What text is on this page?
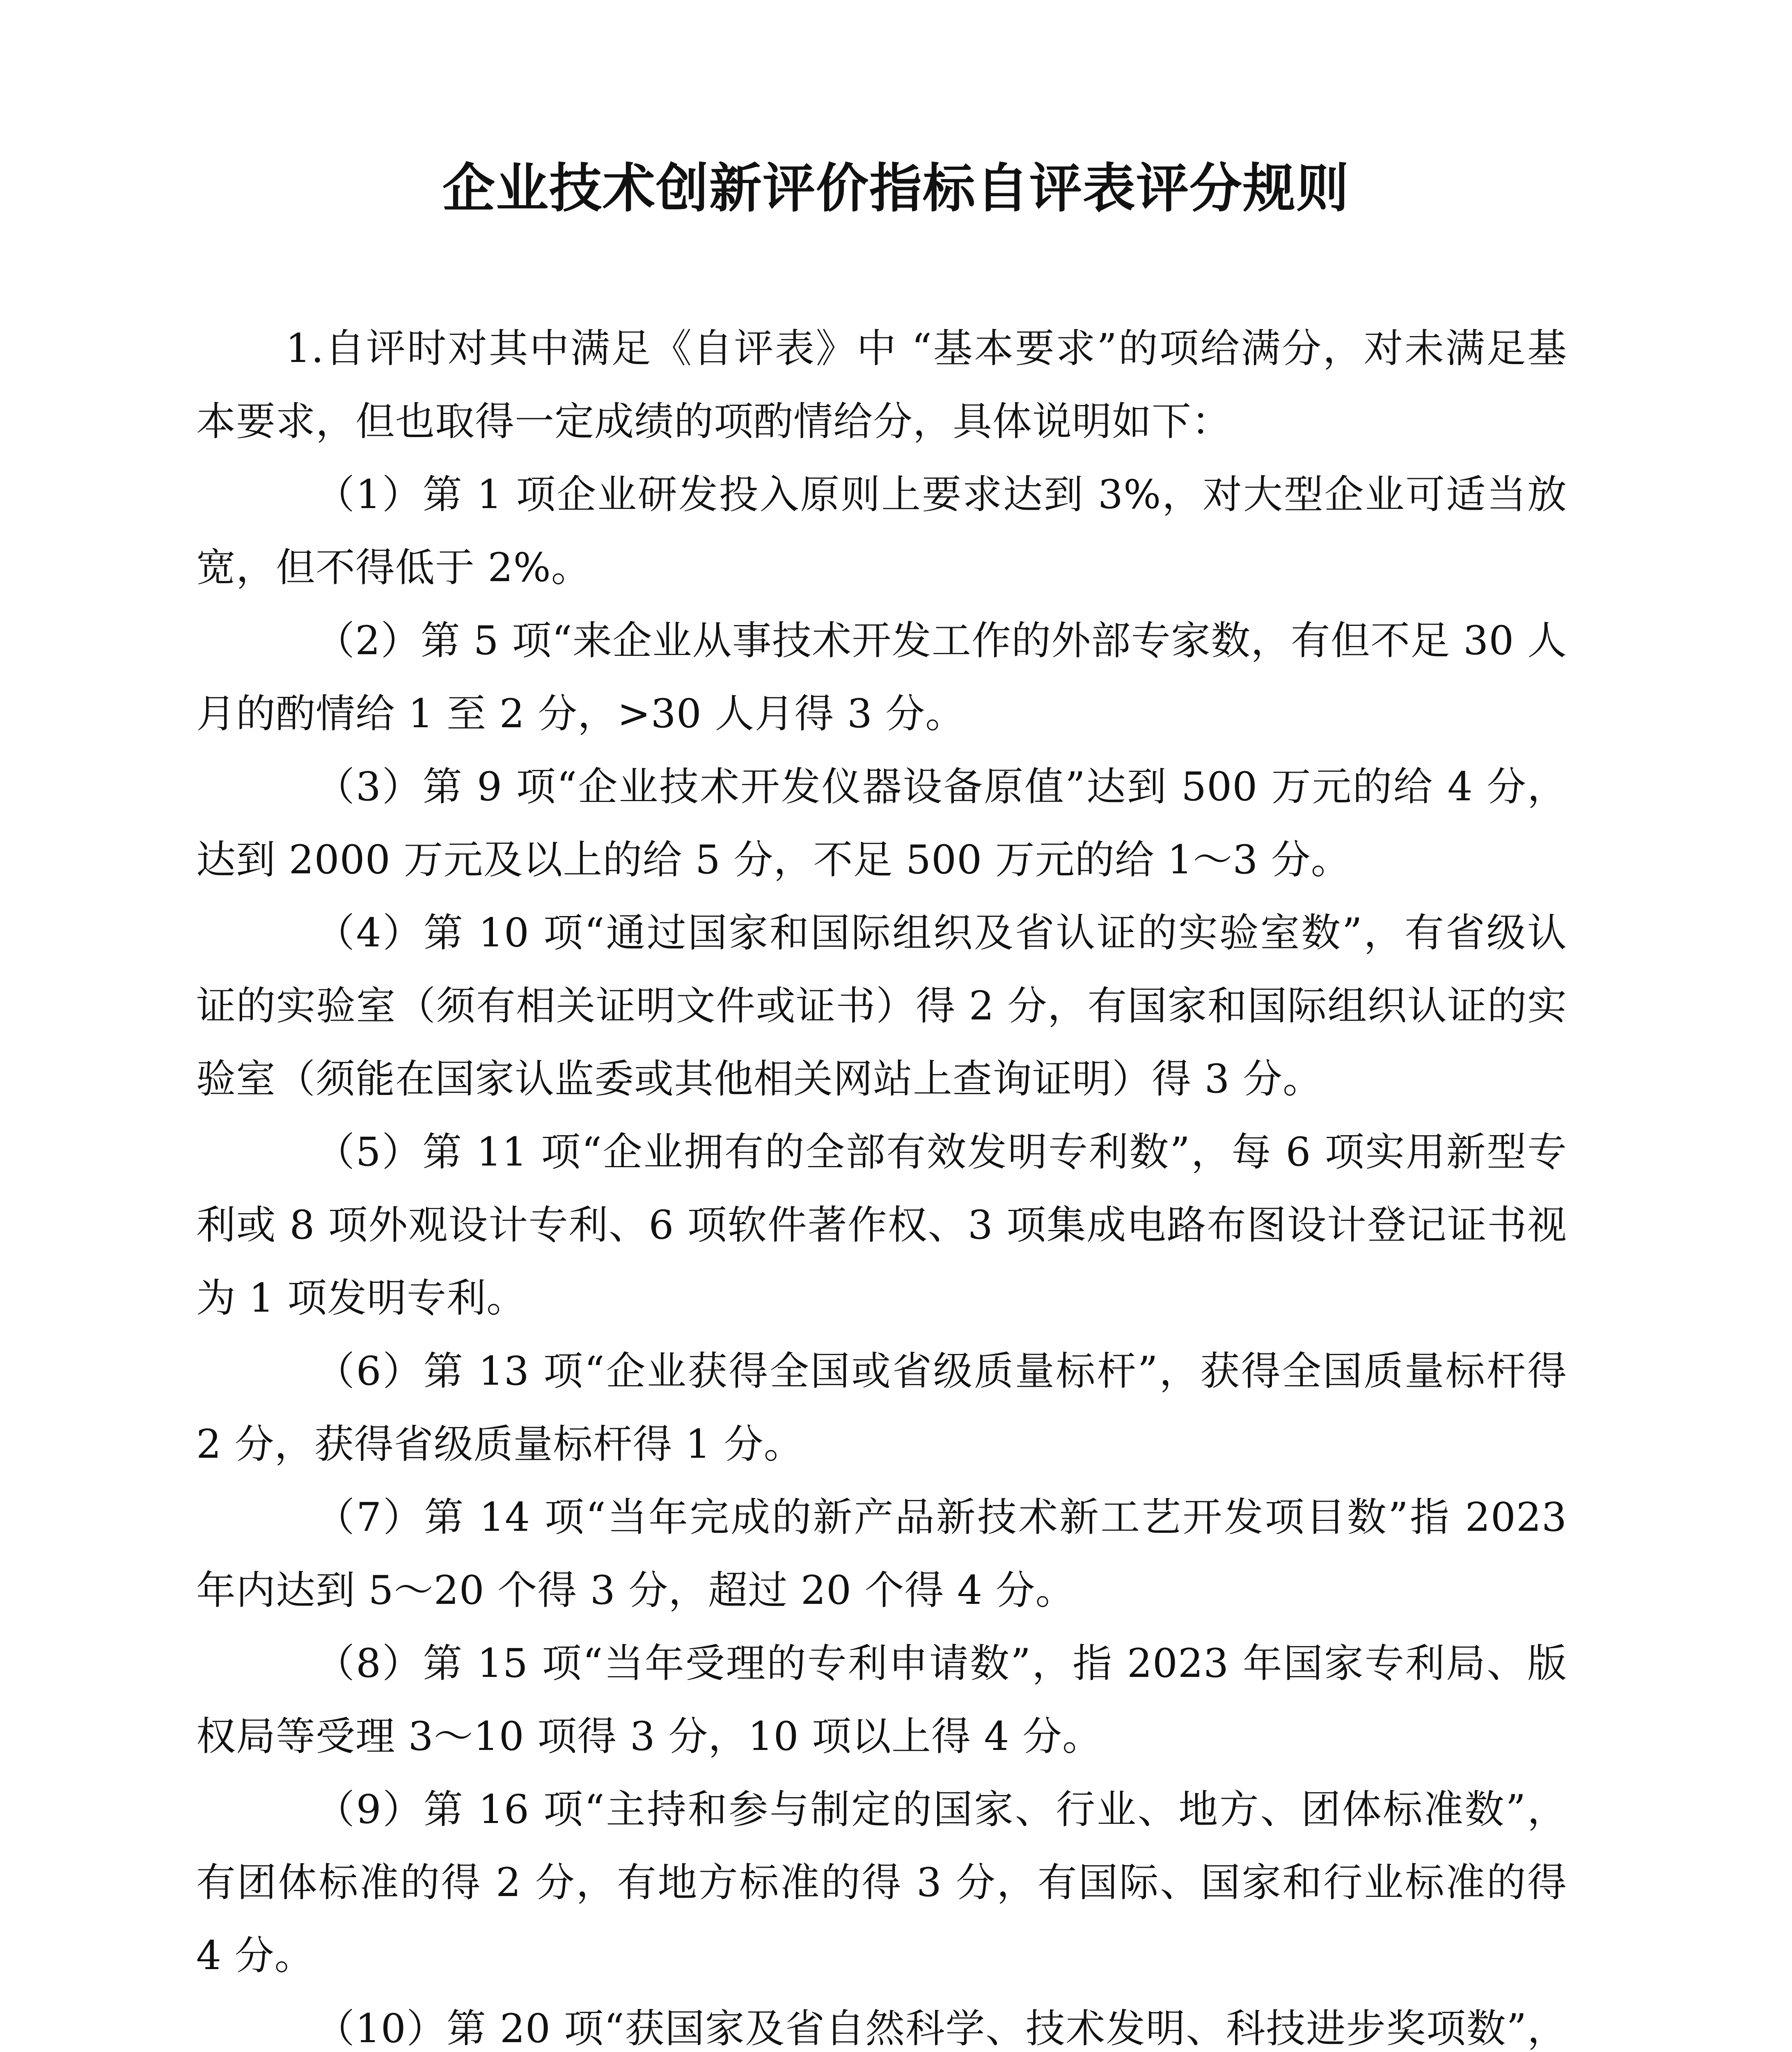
企业技术创新评价指标自评表评分规则

1.自评时对其中满足《自评表》中 “基本要求”的项给满分，对未满足基本要求，但也取得一定成绩的项酌情给分，具体说明如下：

（1）第 1 项企业研发投入原则上要求达到 3%，对大型企业可适当放宽，但不得低于 2%。

（2）第 5 项“来企业从事技术开发工作的外部专家数，有但不足 30 人月的酌情给 1 至 2 分，>30 人月得 3 分。

（3）第 9 项“企业技术开发仪器设备原值”达到 500 万元的给 4 分，达到 2000 万元及以上的给 5 分，不足 500 万元的给 1～3 分。

（4）第 10 项“通过国家和国际组织及省认证的实验室数”，有省级认证的实验室（须有相关证明文件或证书）得 2 分，有国家和国际组织认证的实验室（须能在国家认监委或其他相关网站上查询证明）得 3 分。

（5）第 11 项“企业拥有的全部有效发明专利数”，每 6 项实用新型专利或 8 项外观设计专利、6 项软件著作权、3 项集成电路布图设计登记证书视为 1 项发明专利。

（6）第 13 项“企业获得全国或省级质量标杆”，获得全国质量标杆得 2 分，获得省级质量标杆得 1 分。

（7）第 14 项“当年完成的新产品新技术新工艺开发项目数”指 2023 年内达到 5～20 个得 3 分，超过 20 个得 4 分。

（8）第 15 项“当年受理的专利申请数”，指 2023 年国家专利局、版权局等受理 3～10 项得 3 分，10 项以上得 4 分。

（9）第 16 项“主持和参与制定的国家、行业、地方、团体标准数”，有团体标准的得 2 分，有地方标准的得 3 分，有国际、国家和行业标准的得 4 分。

（10）第 20 项“获国家及省自然科学、技术发明、科技进步奖项数”，
